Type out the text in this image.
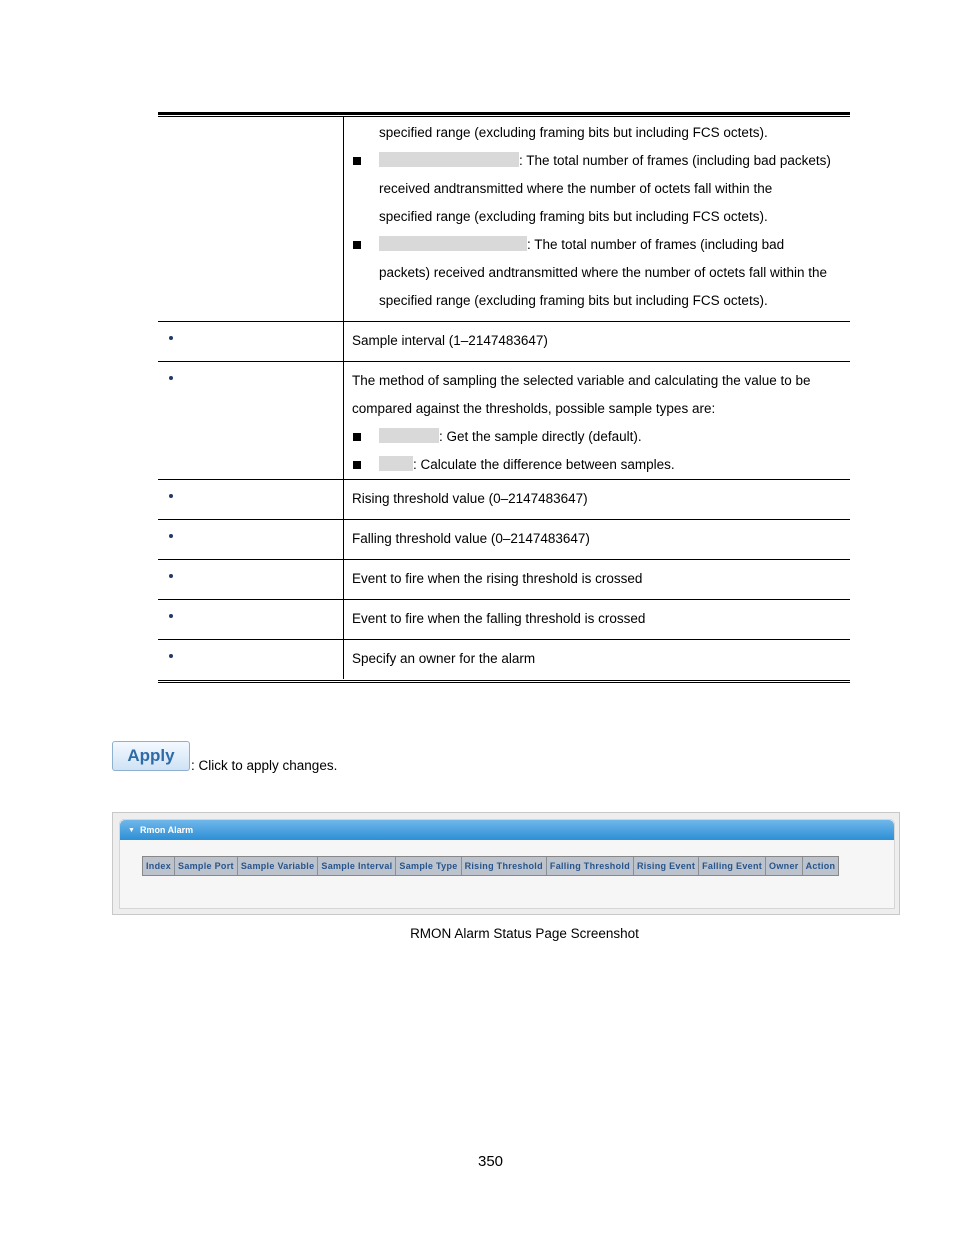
specified range (excluding framing bits but including FCS octets).
: The total number of frames (including bad packets)
received andtransmitted where the number of octets fall within the
specified range (excluding framing bits but including FCS octets).
: The total number of frames (including bad
packets) received andtransmitted where the number of octets fall within the
specified range (excluding framing bits but including FCS octets).
Sample interval (1–2147483647)
The method of sampling the selected variable and calculating the value to be
compared against the thresholds, possible sample types are:
: Get the sample directly (default).
: Calculate the difference between samples.
Rising threshold value (0–2147483647)
Falling threshold value (0–2147483647)
Event to fire when the rising threshold is crossed
Event to fire when the falling threshold is crossed
Specify an owner for the alarm
Apply
: Click to apply changes.
▼ Rmon Alarm
Index Sample Port Sample Variable Sample Interval Sample Type Rising Threshold Falling Threshold Rising Event Falling Event Owner Action
RMON Alarm Status Page Screenshot
350
